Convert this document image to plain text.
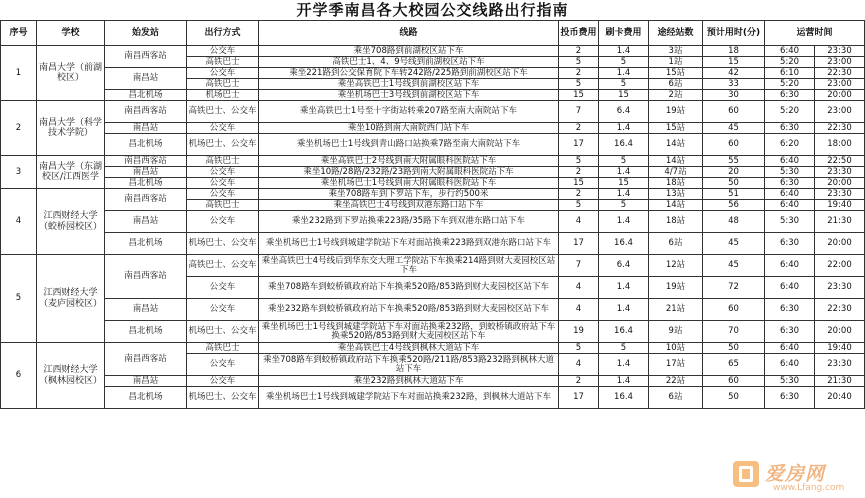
开学季南昌各大校园公交线路出行指南
序号	学校	始发站	出行方式	线路	投币费用	刷卡费用	途经站数	预计用时(分)	运营时间	

1	南昌大学（前湖校区）	南昌西客站	公交车	乘坐708路到前湖校区站下车	2	1.4	3站	18	6:40	23:30
			高铁巴士	高铁巴士1、4、9号线到前湖校区站下车	5	5	1站	15	5:20	23:00
		南昌站	公交车	乘坐221路到公交保育院下车转242路/225路到前湖校区站下车	2	1.4	15站	42	6:10	22:30
			高铁巴士	乘坐高铁巴士1号线到前湖校区站下车	5	5	6站	33	5:20	23:00
		昌北机场	机场巴士	乘坐机场巴士3号线到前湖校区站下车	15	15	2站	30	6:30	20:00
2	南昌大学（科学技术学院）	南昌西客站	高铁巴士、公交车	乘坐高铁巴士1号至十字街站转乘207路至南大南院站下车	7	6.4	19站	60	5:20	23:00
		南昌站	公交车	乘坐10路到南大南院西门站下车	2	1.4	15站	45	6:30	22:30
		昌北机场	机场巴士、公交车	乘坐机场巴士1号线到青山路口站换乘7路至南大南院站下车	17	16.4	14站	60	6:20	18:00
3	南昌大学（东湖校区/江西医学	南昌西客站	高铁巴士	乘坐高铁巴士2号线到南大附属眼科医院站下车	5	5	14站	55	6:40	22:50
		南昌站	公交车	乘坐10路/28路/232路/23路到南大附属眼科医院站下车	2	1.4	4/7站	20	5:30	23:30
		昌北机场	公交车	乘坐机场巴士1号线到南大附属眼科医院站下车	15	15	18站	50	6:30	20:00
4	江西财经大学（蛟桥园校区）	南昌西客站	公交车	乘坐708路车到下罗站下车，步行约500米	2	1.4	13站	51	6:40	23:30
			高铁巴士	乘坐高铁巴士4号线到双港东路口站下车	5	5	14站	56	6:40	19:40
		南昌站	公交车	乘坐232路到下罗站换乘223路/35路下车到双港东路口站下车	4	1.4	18站	48	5:30	21:30
		昌北机场	机场巴士、公交车	乘坐机场巴士1号线到城建学院站下车对面站换乘223路到双港东路口站下车	17	16.4	6站	45	6:30	20:00
5	江西财经大学（麦庐园校区）	南昌西客站	高铁巴士、公交车	乘坐高铁巴士4号线后到华东交大理工学院站下车换乘214路到财大麦园校区站下车	7	6.4	12站	45	6:40	22:00
			公交车	乘坐708路车到蛟桥镇政府站下车换乘520路/853路到财大麦园校区站下车	4	1.4	19站	72	6:40	23:30
		南昌站	公交车	乘坐232路车到蛟桥镇政府站下车换乘520路/853路到财大麦园校区站下车	4	1.4	21站	60	6:30	22:30
		昌北机场	机场巴士、公交车	乘坐机场巴士1号线到城建学院站下车对面站换乘232路，到蛟桥镇政府站下车换乘520路/853路到财大麦园校区站下车	19	16.4	9站	70	6:30	20:00
6	江西财经大学（枫林园校区）	南昌西客站	高铁巴士	乘坐高铁巴士4号线到枫林大道站下车	5	5	10站	50	6:40	19:40
			公交车	乘坐708路车到蛟桥镇政府站下车换乘520路/211路/853路232路到枫林大道站下车	4	1.4	17站	65	6:40	23:30
		南昌站	公交车	乘坐232路到枫林大道站下车	2	1.4	22站	60	5:30	21:30
		昌北机场	机场巴士、公交车	乘坐机场巴士1号线到城建学院站下车对面站换乘232路，到枫林大道站下车	17	16.4	6站	50	6:30	20:40
爱房网
www.Lfang.com
